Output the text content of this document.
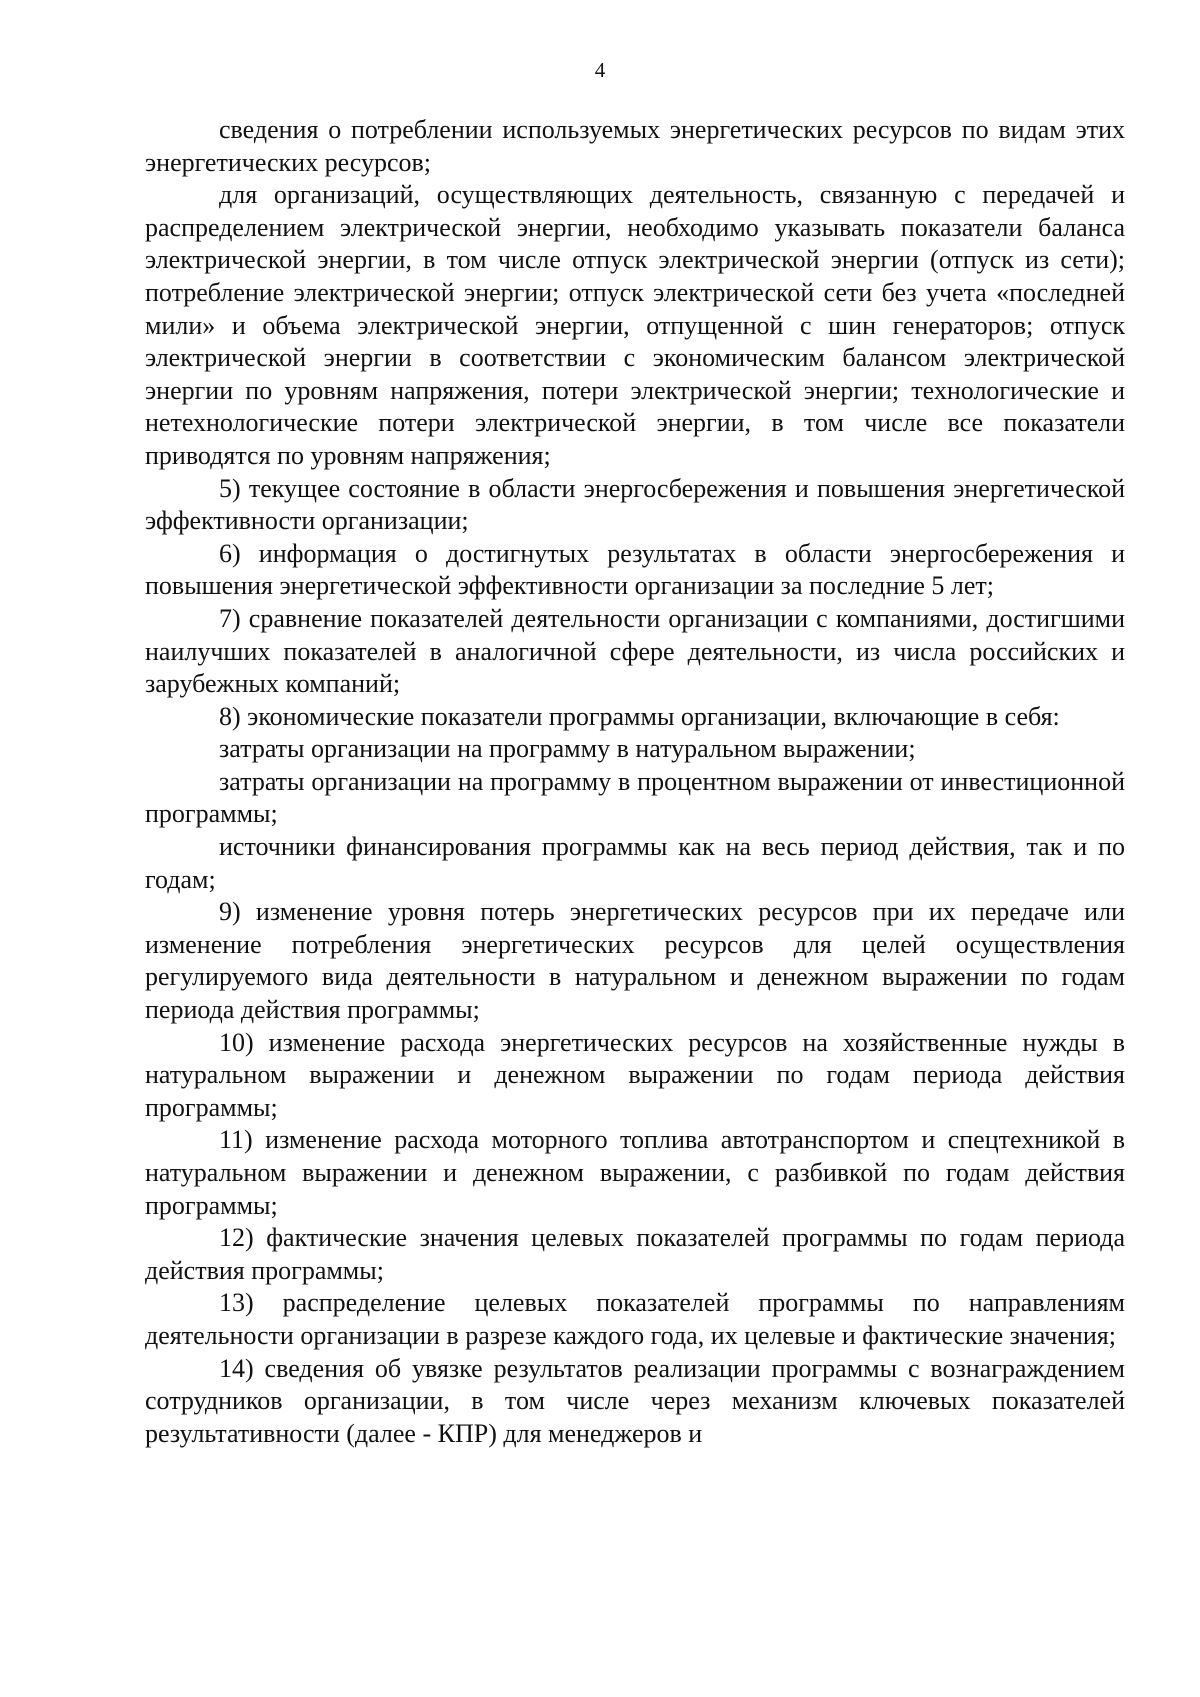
4

сведения о потреблении используемых энергетических ресурсов по видам этих энергетических ресурсов;

для организаций, осуществляющих деятельность, связанную с передачей и распределением электрической энергии, необходимо указывать показатели баланса электрической энергии, в том числе отпуск электрической энергии (отпуск из сети); потребление электрической энергии; отпуск электрической сети без учета «последней мили» и объема электрической энергии, отпущенной с шин генераторов; отпуск электрической энергии в соответствии с экономическим балансом электрической энергии по уровням напряжения, потери электрической энергии; технологические и нетехнологические потери электрической энергии, в том числе все показатели приводятся по уровням напряжения;

5) текущее состояние в области энергосбережения и повышения энергетической эффективности организации;

6) информация о достигнутых результатах в области энергосбережения и повышения энергетической эффективности организации за последние 5 лет;

7) сравнение показателей деятельности организации с компаниями, достигшими наилучших показателей в аналогичной сфере деятельности, из числа российских и зарубежных компаний;

8) экономические показатели программы организации, включающие в себя:

затраты организации на программу в натуральном выражении;

затраты организации на программу в процентном выражении от инвестиционной программы;

источники финансирования программы как на весь период действия, так и по годам;

9) изменение уровня потерь энергетических ресурсов при их передаче или изменение потребления энергетических ресурсов для целей осуществления регулируемого вида деятельности в натуральном и денежном выражении по годам периода действия программы;

10) изменение расхода энергетических ресурсов на хозяйственные нужды в натуральном выражении и денежном выражении по годам периода действия программы;

11) изменение расхода моторного топлива автотранспортом и спецтехникой в натуральном выражении и денежном выражении, с разбивкой по годам действия программы;

12) фактические значения целевых показателей программы по годам периода действия программы;

13) распределение целевых показателей программы по направлениям деятельности организации в разрезе каждого года, их целевые и фактические значения;

14) сведения об увязке результатов реализации программы с вознаграждением сотрудников организации, в том числе через механизм ключевых показателей результативности (далее - КПР) для менеджеров и
